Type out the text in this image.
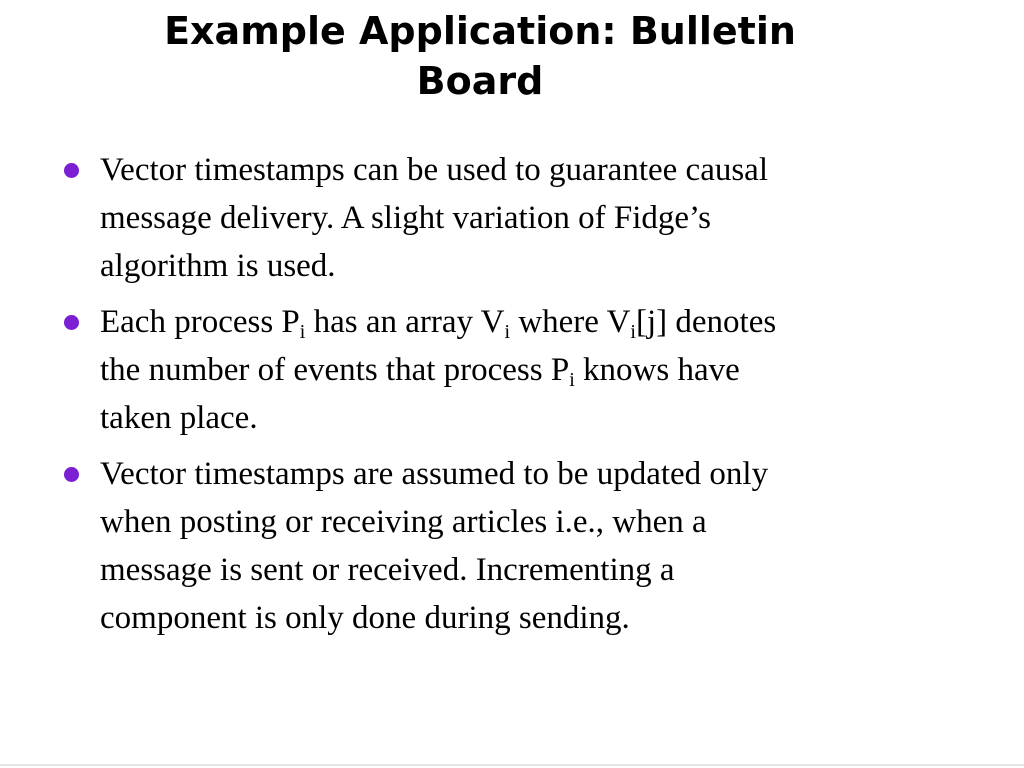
Example Application: Bulletin
Board
Vector timestamps can be used to guarantee causal
message delivery. A slight variation of Fidge’s
algorithm is used.
Each process $P_i$ has an array $V_i$ where $V_i[j]$ denotes
the number of events that process $P_i$ knows have
taken place.
Vector timestamps are assumed to be updated only
when posting or receiving articles i.e., when a
message is sent or received. Incrementing a
component is only done during sending.
